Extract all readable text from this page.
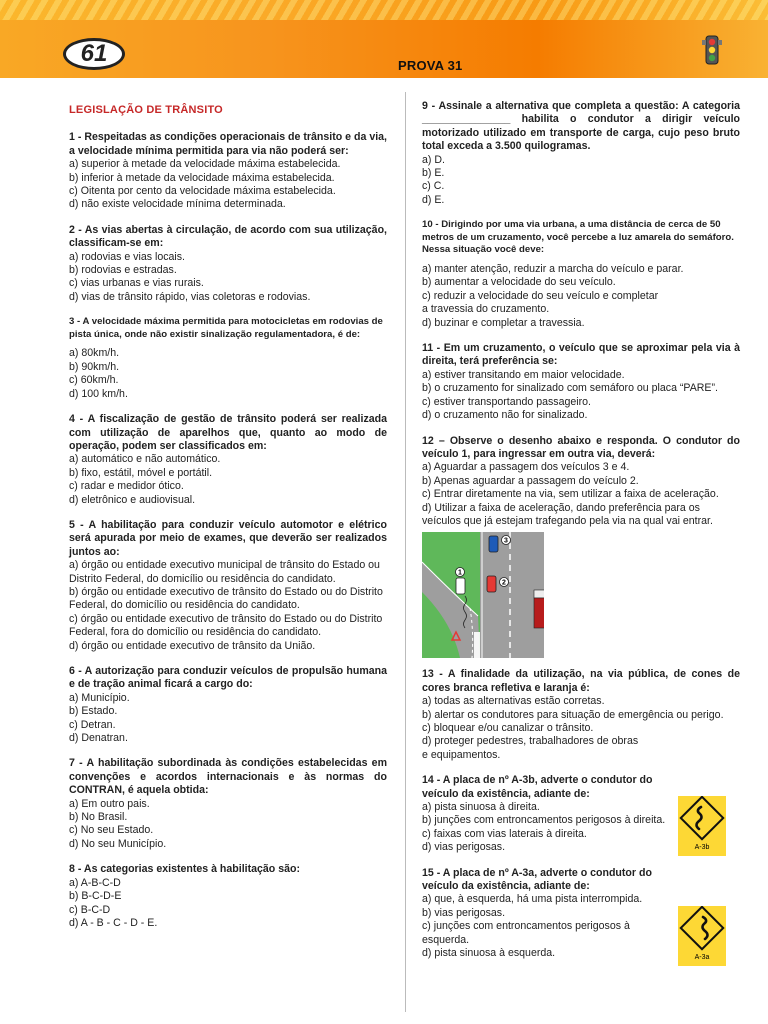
61	PROVA 31
LEGISLAÇÃO DE TRÂNSITO
1 - Respeitadas as condições operacionais de trânsito e da via, a velocidade mínima permitida para via não poderá ser:
a) superior à metade da velocidade máxima estabelecida.
b) inferior à metade da velocidade máxima estabelecida.
c) Oitenta por cento da velocidade máxima estabelecida.
d) não existe velocidade mínima determinada.
2 - As vias abertas à circulação, de acordo com sua utilização, classificam-se em:
a) rodovias e vias locais.
b) rodovias e estradas.
c) vias urbanas e vias rurais.
d) vias de trânsito rápido, vias coletoras e rodovias.
3 - A velocidade máxima permitida para motocicletas em rodovias de pista única, onde não existir sinalização regulamentadora, é de:
a) 80km/h.
b) 90km/h.
c) 60km/h.
d) 100 km/h.
4 - A fiscalização de gestão de trânsito poderá ser realizada com utilização de aparelhos que, quanto ao modo de operação, podem ser classificados em:
a) automático e não automático.
b) fixo, estátil, móvel e portátil.
c) radar e medidor ótico.
d) eletrônico e audiovisual.
5 - A habilitação para conduzir veículo automotor e elétrico será apurada por meio de exames, que deverão ser realizados juntos ao:
a) órgão ou entidade executivo municipal de trânsito do Estado ou Distrito Federal, do domicílio ou residência do candidato.
b) órgão ou entidade executivo de trânsito do Estado ou do Distrito Federal, do domicílio ou residência do candidato.
c) órgão ou entidade executivo de trânsito do Estado ou do Distrito Federal, fora do domicílio ou residência do candidato.
d) órgão ou entidade executivo de trânsito da União.
6 - A autorização para conduzir veículos de propulsão humana e de tração animal ficará a cargo do:
a) Município.
b) Estado.
c) Detran.
d) Denatran.
7 - A habilitação subordinada às condições estabelecidas em convenções e acordos internacionais e às normas do CONTRAN, é aquela obtida:
a) Em outro pais.
b) No Brasil.
c) No seu Estado.
d) No seu Município.
8 - As categorias existentes à habilitação são:
a) A-B-C-D
b) B-C-D-E
c) B-C-D
d) A - B - C - D - E.
9 - Assinale a alternativa que completa a questão: A categoria _______________ habilita o condutor a dirigir veículo motorizado utilizado em transporte de carga, cujo peso bruto total exceda a 3.500 quilogramas.
a) D.
b) E.
c) C.
d) E.
10 - Dirigindo por uma via urbana, a uma distância de cerca de 50 metros de um cruzamento, você percebe a luz amarela do semáforo. Nessa situação você deve:
a) manter atenção, reduzir a marcha do veículo e parar.
b) aumentar a velocidade do seu veículo.
c) reduzir a velocidade do seu veículo e completar
a travessia do cruzamento.
d) buzinar e completar a travessia.
11 - Em um cruzamento, o veículo que se aproximar pela via à direita, terá preferência se:
a) estiver transitando em maior velocidade.
b) o cruzamento for sinalizado com semáforo ou placa “PARE”.
c) estiver transportando passageiro.
d) o cruzamento não for sinalizado.
12 – Observe o desenho abaixo e responda. O condutor do veículo 1, para ingressar em outra via, deverá:
a) Aguardar a passagem dos veículos 3 e 4.
b) Apenas aguardar a passagem do veículo 2.
c) Entrar diretamente na via, sem utilizar a faixa de aceleração.
d) Utilizar a faixa de aceleração, dando preferência para os veículos que já estejam trafegando pela via na qual vai entrar.
1
2
3
13 - A finalidade da utilização, na via pública, de cones de cores branca refletiva e laranja é:
a) todas as alternativas estão corretas.
b) alertar os condutores para situação de emergência ou perigo.
c) bloquear e/ou canalizar o trânsito.
d) proteger pedestres, trabalhadores de obras
e equipamentos.
14 - A placa de nº A-3b, adverte o condutor do veículo da existência, adiante de:
a) pista sinuosa à direita.
b) junções com entroncamentos perigosos à direita.
c) faixas com vias laterais à direita.
d) vias perigosas.
15 - A placa de nº A-3a, adverte o condutor do veículo da existência, adiante de:
a) que, à esquerda, há uma pista interrompida.
b) vias perigosas.
c) junções com entroncamentos perigosos à esquerda.
d) pista sinuosa à esquerda.
A-3b
A-3a
